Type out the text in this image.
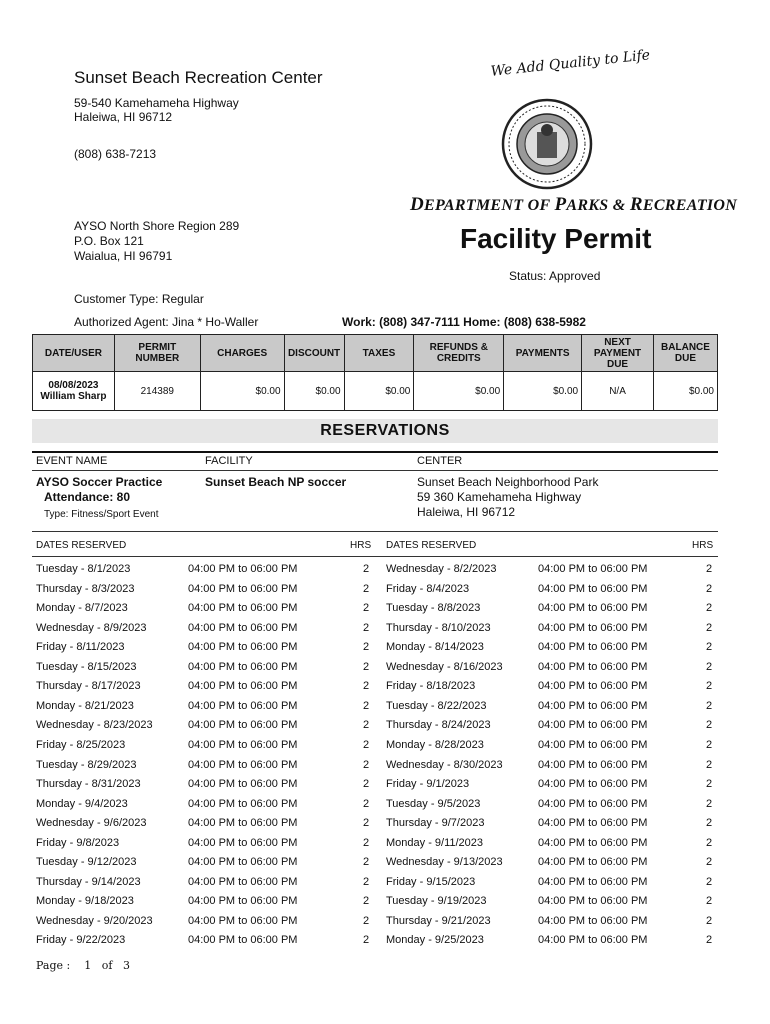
Sunset Beach Recreation Center
59-540 Kamehameha Highway
Haleiwa, HI 96712
(808) 638-7213
We Add Quality to Life
DEPARTMENT OF PARKS & RECREATION
AYSO North Shore Region 289
P.O. Box 121
Waialua, HI 96791
Facility Permit
Status: Approved
Customer Type: Regular
Authorized Agent: Jina * Ho-Waller	Work: (808) 347-7111 Home: (808) 638-5982
DATE/USER	PERMIT NUMBER	CHARGES	DISCOUNT	TAXES	REFUNDS & CREDITS	PAYMENTS	NEXT PAYMENT DUE	BALANCE DUE

08/08/2023
William Sharp	214389	$0.00	$0.00	$0.00	$0.00	$0.00	N/A	$0.00
RESERVATIONS
EVENT NAME	FACILITY	CENTER
AYSO Soccer Practice
Attendance: 80
Type: Fitness/Sport Event
Sunset Beach NP soccer	Sunset Beach Neighborhood Park
59 360 Kamehameha Highway
Haleiwa, HI 96712
DATES RESERVED	HRS DATES RESERVED	HRS
Tuesday - 8/1/2023	04:00 PM to 06:00 PM	2 Wednesday - 8/2/2023	04:00 PM to 06:00 PM	2
Thursday - 8/3/2023	04:00 PM to 06:00 PM	2 Friday - 8/4/2023	04:00 PM to 06:00 PM	2
Monday - 8/7/2023	04:00 PM to 06:00 PM	2 Tuesday - 8/8/2023	04:00 PM to 06:00 PM	2
Wednesday - 8/9/2023	04:00 PM to 06:00 PM	2 Thursday - 8/10/2023	04:00 PM to 06:00 PM	2
Friday - 8/11/2023	04:00 PM to 06:00 PM	2 Monday - 8/14/2023	04:00 PM to 06:00 PM	2
Tuesday - 8/15/2023	04:00 PM to 06:00 PM	2 Wednesday - 8/16/2023	04:00 PM to 06:00 PM	2
Thursday - 8/17/2023	04:00 PM to 06:00 PM	2 Friday - 8/18/2023	04:00 PM to 06:00 PM	2
Monday - 8/21/2023	04:00 PM to 06:00 PM	2 Tuesday - 8/22/2023	04:00 PM to 06:00 PM	2
Wednesday - 8/23/2023	04:00 PM to 06:00 PM	2 Thursday - 8/24/2023	04:00 PM to 06:00 PM	2
Friday - 8/25/2023	04:00 PM to 06:00 PM	2 Monday - 8/28/2023	04:00 PM to 06:00 PM	2
Tuesday - 8/29/2023	04:00 PM to 06:00 PM	2 Wednesday - 8/30/2023	04:00 PM to 06:00 PM	2
Thursday - 8/31/2023	04:00 PM to 06:00 PM	2 Friday - 9/1/2023	04:00 PM to 06:00 PM	2
Monday - 9/4/2023	04:00 PM to 06:00 PM	2 Tuesday - 9/5/2023	04:00 PM to 06:00 PM	2
Wednesday - 9/6/2023	04:00 PM to 06:00 PM	2 Thursday - 9/7/2023	04:00 PM to 06:00 PM	2
Friday - 9/8/2023	04:00 PM to 06:00 PM	2 Monday - 9/11/2023	04:00 PM to 06:00 PM	2
Tuesday - 9/12/2023	04:00 PM to 06:00 PM	2 Wednesday - 9/13/2023	04:00 PM to 06:00 PM	2
Thursday - 9/14/2023	04:00 PM to 06:00 PM	2 Friday - 9/15/2023	04:00 PM to 06:00 PM	2
Monday - 9/18/2023	04:00 PM to 06:00 PM	2 Tuesday - 9/19/2023	04:00 PM to 06:00 PM	2
Wednesday - 9/20/2023	04:00 PM to 06:00 PM	2 Thursday - 9/21/2023	04:00 PM to 06:00 PM	2
Friday - 9/22/2023	04:00 PM to 06:00 PM	2 Monday - 9/25/2023	04:00 PM to 06:00 PM	2
Page : 1 of 3
